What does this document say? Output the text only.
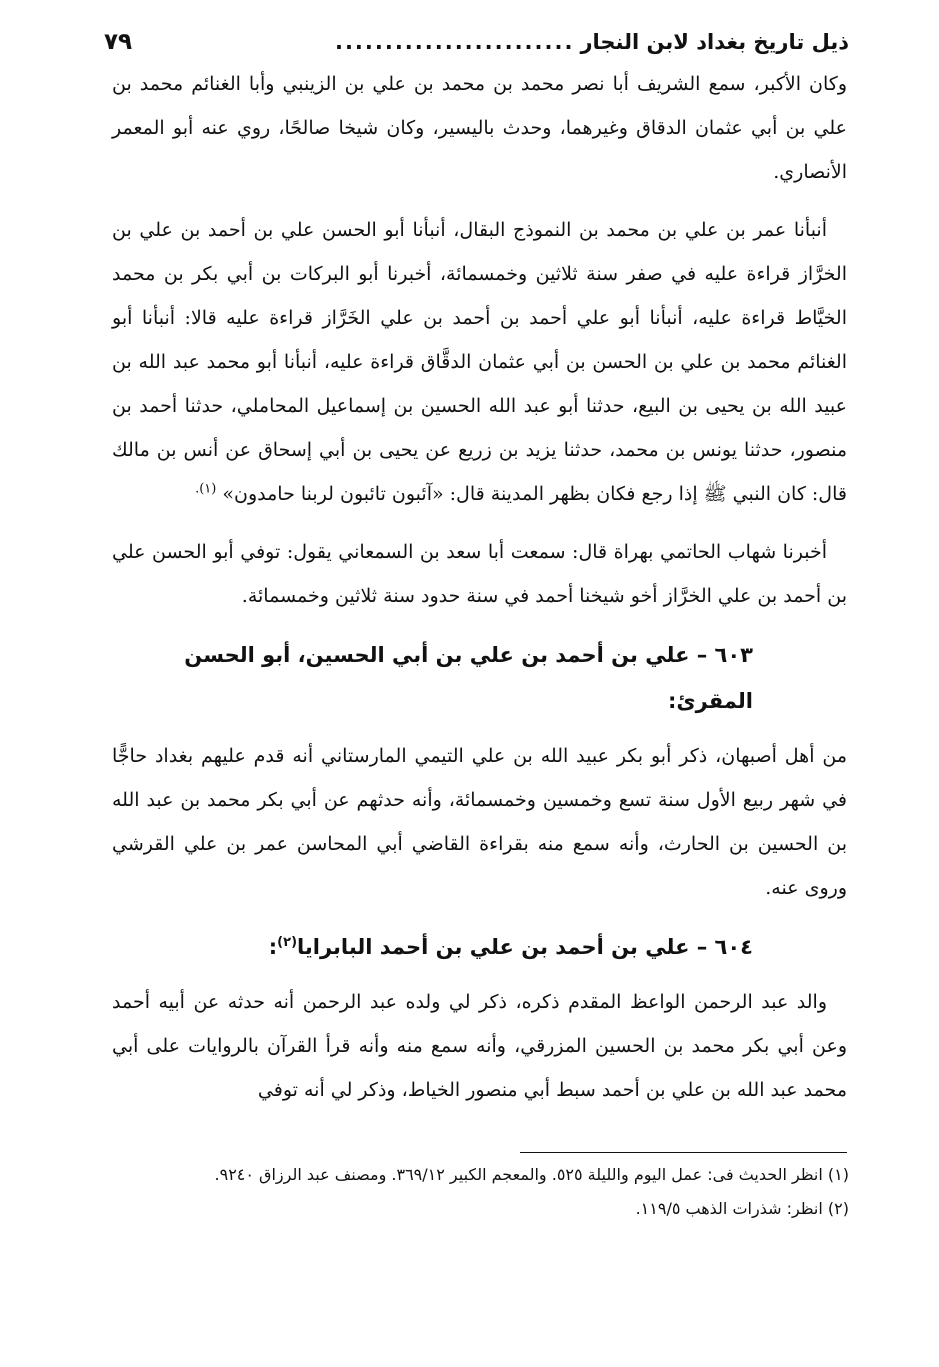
ذيل تاريخ بغداد لابن النجار
........................
٧٩

وكان الأكبر، سمع الشريف أبا نصر محمد بن محمد بن علي بن الزينبي وأبا الغنائم محمد بن علي بن أبي عثمان الدقاق وغيرهما، وحدث باليسير، وكان شيخا صالحًا، روي عنه أبو المعمر الأنصاري.

أنبأنا عمر بن علي بن محمد بن النموذج البقال، أنبأنا أبو الحسن علي بن أحمد بن علي بن الخرَّاز قراءة عليه في صفر سنة ثلاثين وخمسمائة، أخبرنا أبو البركات بن أبي بكر بن محمد الخيَّاط قراءة عليه، أنبأنا أبو علي أحمد بن أحمد بن علي الخَرَّاز قراءة عليه قالا: أنبأنا أبو الغنائم محمد بن علي بن الحسن بن أبي عثمان الدقَّاق قراءة عليه، أنبأنا أبو محمد عبد الله بن عبيد الله بن يحيى بن البيع، حدثنا أبو عبد الله الحسين بن إسماعيل المحاملي، حدثنا أحمد بن منصور، حدثنا يونس بن محمد، حدثنا يزيد بن زريع عن يحيى بن أبي إسحاق عن أنس بن مالك قال: كان النبي ﷺ إذا رجع فكان بظهر المدينة قال: «آئبون تائبون لربنا حامدون» $^{(١).}$

أخبرنا شهاب الحاتمي بهراة قال: سمعت أبا سعد بن السمعاني يقول: توفي أبو الحسن علي بن أحمد بن علي الخرَّاز أخو شيخنا أحمد في سنة حدود سنة ثلاثين وخمسمائة.

٦٠٣ – علي بن أحمد بن علي بن أبي الحسين، أبو الحسن المقرئ:

من أهل أصبهان، ذكر أبو بكر عبيد الله بن علي التيمي المارستاني أنه قدم عليهم بغداد حاجًّا في شهر ربيع الأول سنة تسع وخمسين وخمسمائة، وأنه حدثهم عن أبي بكر محمد بن عبد الله بن الحسين بن الحارث، وأنه سمع منه بقراءة القاضي أبي المحاسن عمر بن علي القرشي وروى عنه.

٦٠٤ – علي بن أحمد بن علي بن أحمد البابرايا$^{(٢)}$:

والد عبد الرحمن الواعظ المقدم ذكره، ذكر لي ولده عبد الرحمن أنه حدثه عن أبيه أحمد وعن أبي بكر محمد بن الحسين المزرقي، وأنه سمع منه وأنه قرأ القرآن بالروايات على أبي محمد عبد الله بن علي بن أحمد سبط أبي منصور الخياط، وذكر لي أنه توفي

(١) انظر الحديث فى: عمل اليوم والليلة ٥٢٥. والمعجم الكبير ٣٦٩/١٢. ومصنف عبد الرزاق ٩٢٤٠.

(٢) انظر: شذرات الذهب ١١٩/٥.
